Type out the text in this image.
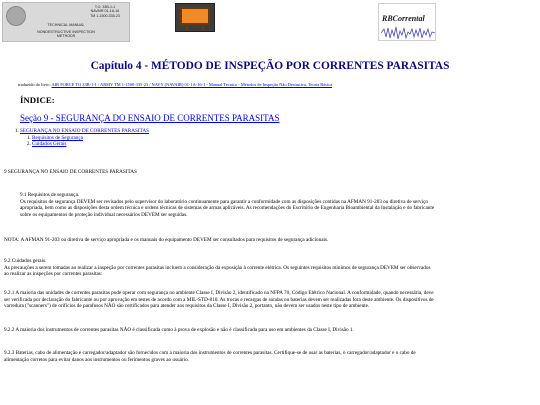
T.O. 33B-1-1
NAVAIR 01-1A-16
TM 1-1500-335-23
TECHNICAL MANUAL
NONDESTRUCTIVE INSPECTION
METHODS
RBCorrental
Capítulo 4 - MÉTODO DE INSPEÇÃO POR CORRENTES PARASITAS
traduzido do livro: AIR FORCE TO 33B-1-1 / ARMY TM 1-1500-335-23 / NAVY (NAVAIR) 01-1A-16-1 - Manual Tecnico - Métodos de Inspeção Não Destrutiva, Teoria Básica
ÍNDICE:
Seção 9 - SEGURANÇA DO ENSAIO DE CORRENTES PARASITAS
1. SEGURANÇA NO ENSAIO DE CORRENTES PARASITAS
1. Requisitos de Segurança
2. Cuidados Gerais
9 SEGURANÇA NO ENSAIO DE CORRENTES PARASITAS
9.1 Requisitos de segurança.
Os requisitos de segurança DEVEM ser revisados pelo supervisor do laboratório continuamente para garantir a conformidade com as disposições contidas na AFMAN 91-203 ou diretiva de serviço apropriada, bem como as disposições desta ordem técnica e ordens técnicas de sistemas de armas aplicáveis. As recomendações do Escritório de Engenharia Bioambiental da Instalação e do fabricante sobre os equipamentos de proteção individual necessários DEVEM ser seguidas.
NOTA: A AFMAN 91-203 ou diretiva de serviço apropriada e os manuais do equipamento DEVEM ser consultados para requisitos de segurança adicionais.
9.2 Cuidados gerais.
As precauções a serem tomadas ao realizar a inspeção por correntes parasitas incluem a consideração da exposição à corrente elétrica. Os seguintes requisitos mínimos de segurança DEVEM ser observados ao realizar as inspeções por correntes parasitas:
9.2.1 A maioria das unidades de correntes parasitas pode operar com segurança no ambiente Classe I, Divisão 2, identificado na NFPA 70, Código Elétrico Nacional. A conformidade, quando necessária, deve ser verificada por declaração do fabricante ou por aprovação em testes de acordo com a MIL-STD-810. As trocas e recargas de sondas ou baterias devem ser realizadas fora deste ambiente. Os dispositivos de varredura ("scanners") de orifícios de parafusos NÃO são certificados para atender aos requisitos da Classe I, Divisão 2, portanto, não devem ser usados neste tipo de ambiente.
9.2.2 A maioria dos instrumentos de correntes parasitas NÃO é classificada como à prova de explosão e não é classificada para uso em ambientes da Classe I, Divisão 1.
9.2.3 Baterias, cabo de alimentação e carregador/adaptador são fornecidos com a maioria dos instrumentos de correntes parasitas. Certifique-se de usar as baterias, o carregador/adaptador e o cabo de alimentação corretos para evitar danos aos instrumentos ou ferimentos graves ao usuário.
